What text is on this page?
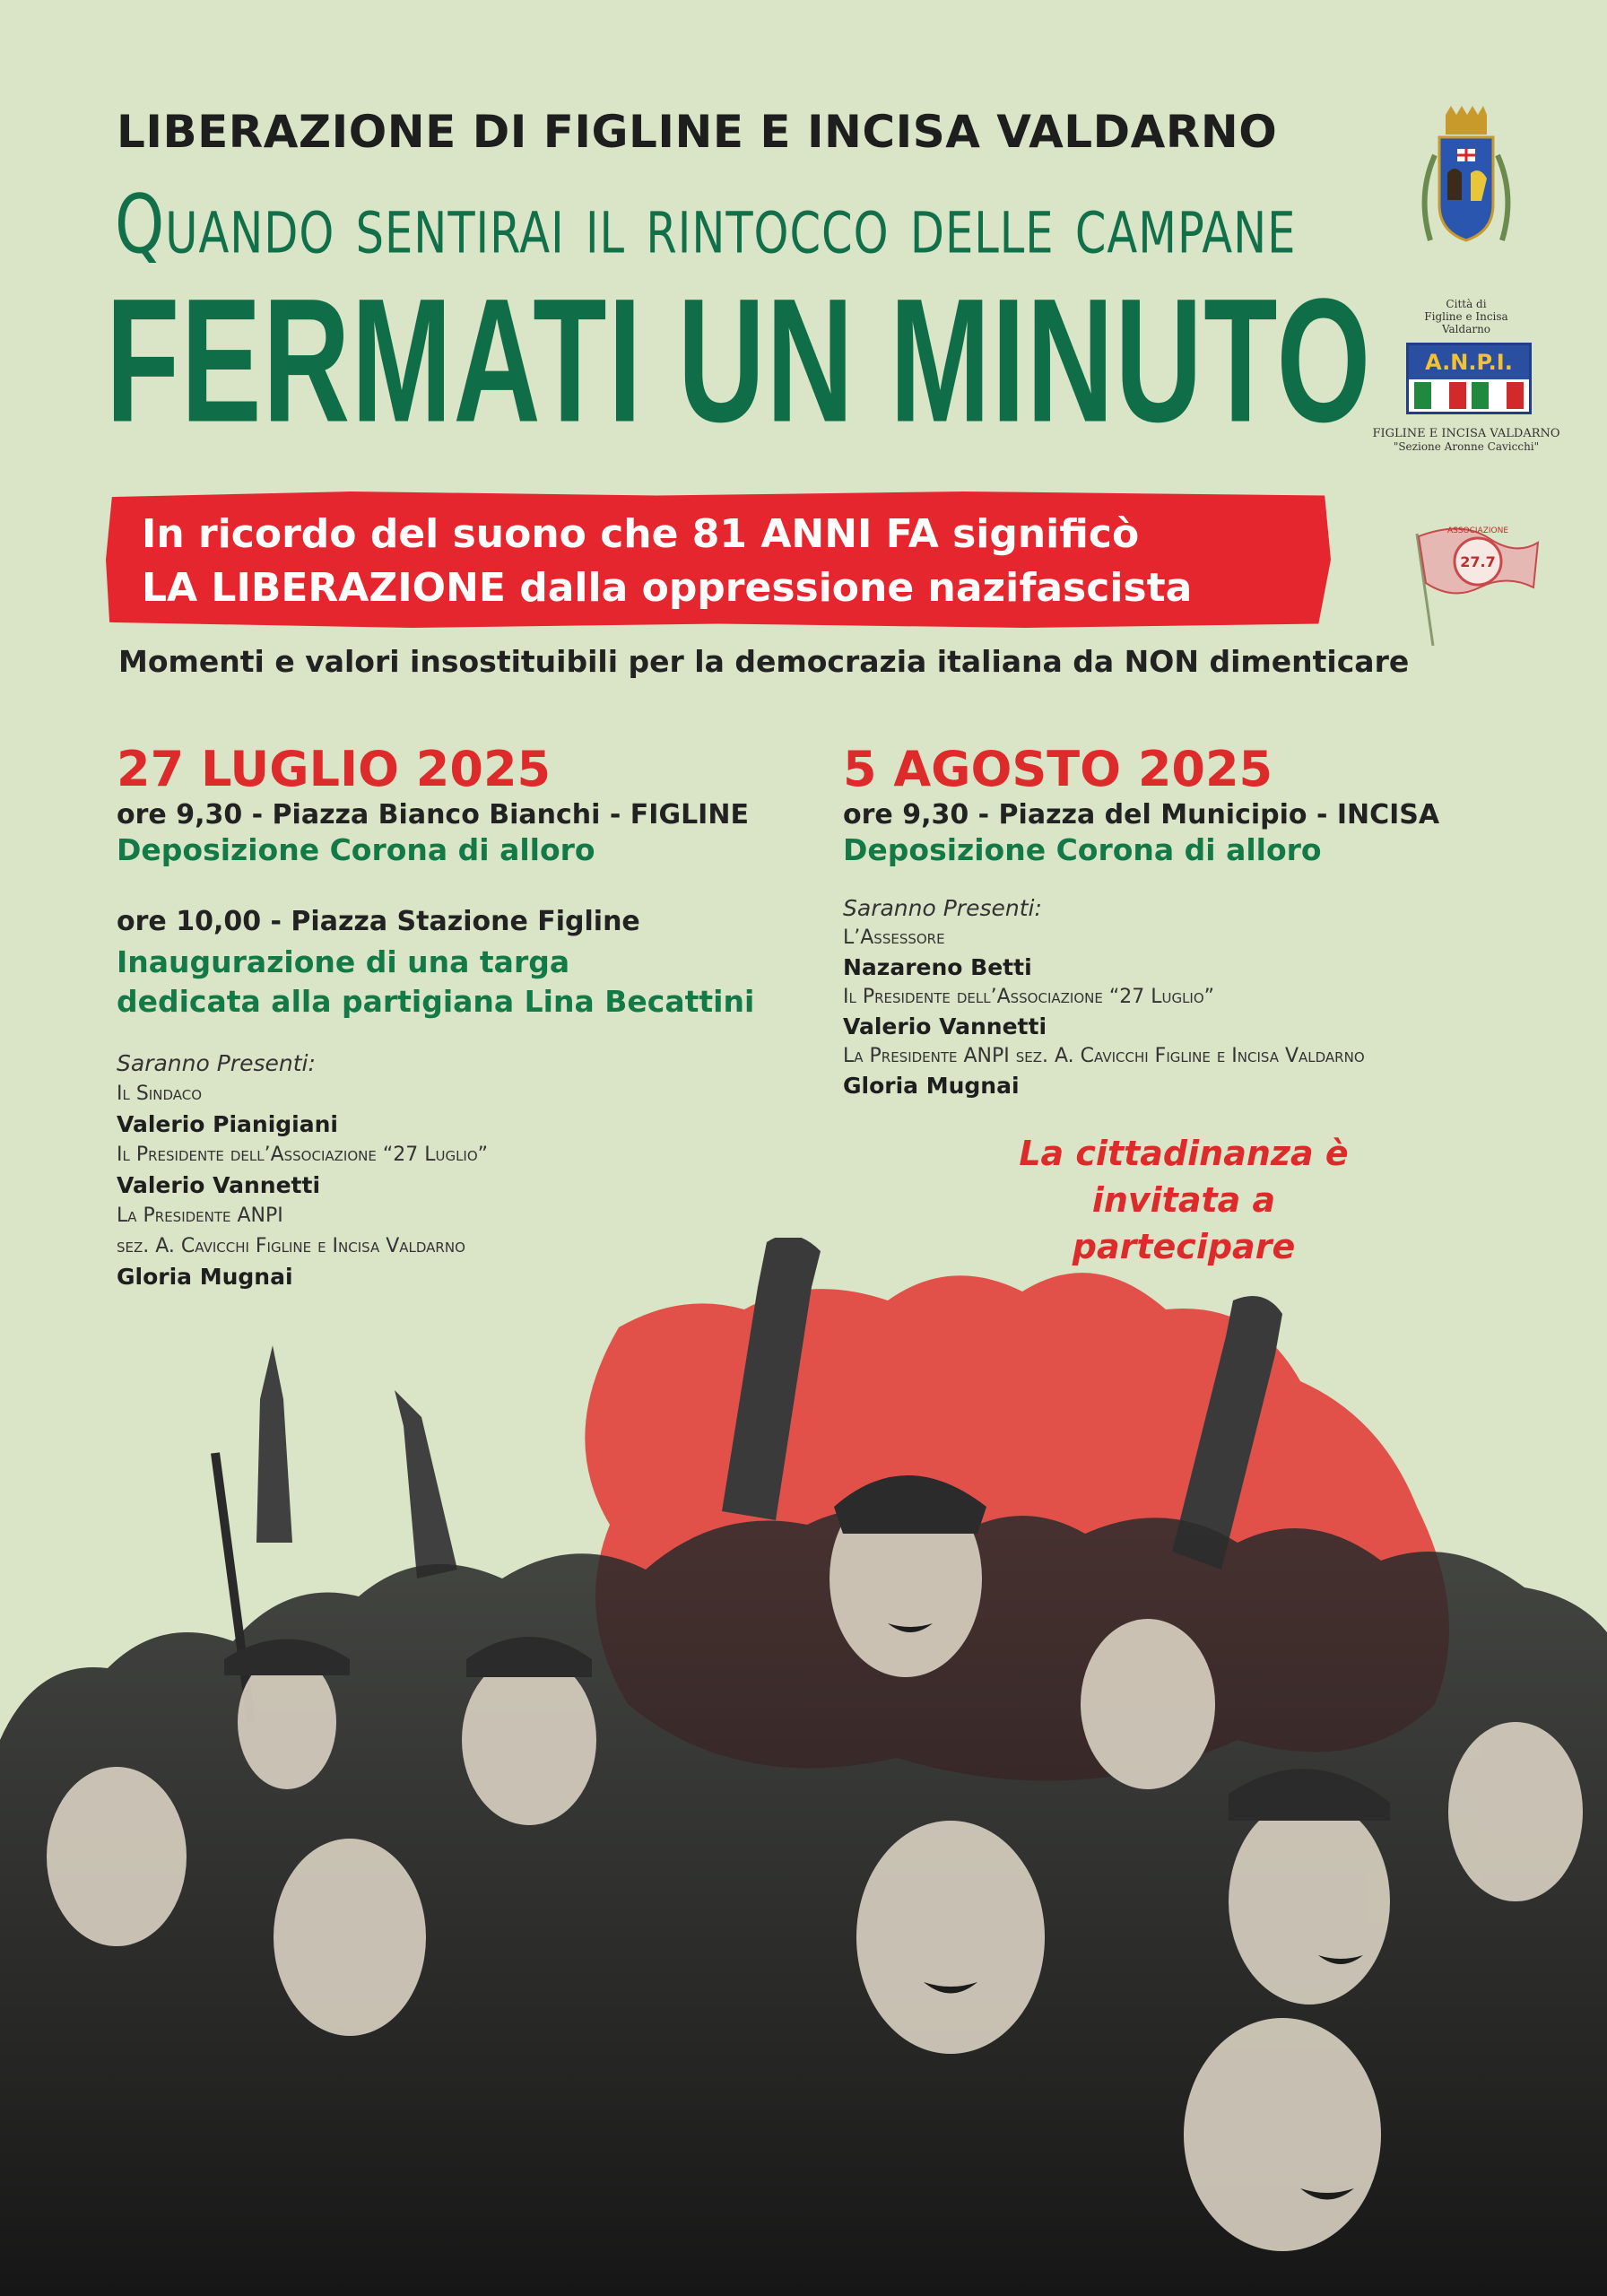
LIBERAZIONE DI FIGLINE E INCISA VALDARNO
Quando sentirai il rintocco delle campane
FERMATI UN MINUTO
In ricordo del suono che 81 ANNI FA significò
LA LIBERAZIONE dalla oppressione nazifascista
Momenti e valori insostituibili per la democrazia italiana da NON dimenticare
27 LUGLIO 2025
ore 9,30 - Piazza Bianco Bianchi - FIGLINE
Deposizione Corona di alloro
ore 10,00 - Piazza Stazione Figline
Inaugurazione di una targa
dedicata alla partigiana Lina Becattini
Saranno Presenti:
Il Sindaco
Valerio Pianigiani
Il Presidente dell’Associazione “27 Luglio”
Valerio Vannetti
La Presidente ANPI
sez. A. Cavicchi Figline e Incisa Valdarno
Gloria Mugnai
5 AGOSTO 2025
ore 9,30 - Piazza del Municipio - INCISA
Deposizione Corona di alloro
Saranno Presenti:
L’Assessore
Nazareno Betti
Il Presidente dell’Associazione “27 Luglio”
Valerio Vannetti
La Presidente ANPI sez. A. Cavicchi Figline e Incisa Valdarno
Gloria Mugnai
La cittadinanza è
invitata a partecipare
Città di
Figline e Incisa
Valdarno
A.N.P.I.
FIGLINE E INCISA VALDARNO
"Sezione Aronne Cavicchi"
27.7
ASSOCIAZIONE
